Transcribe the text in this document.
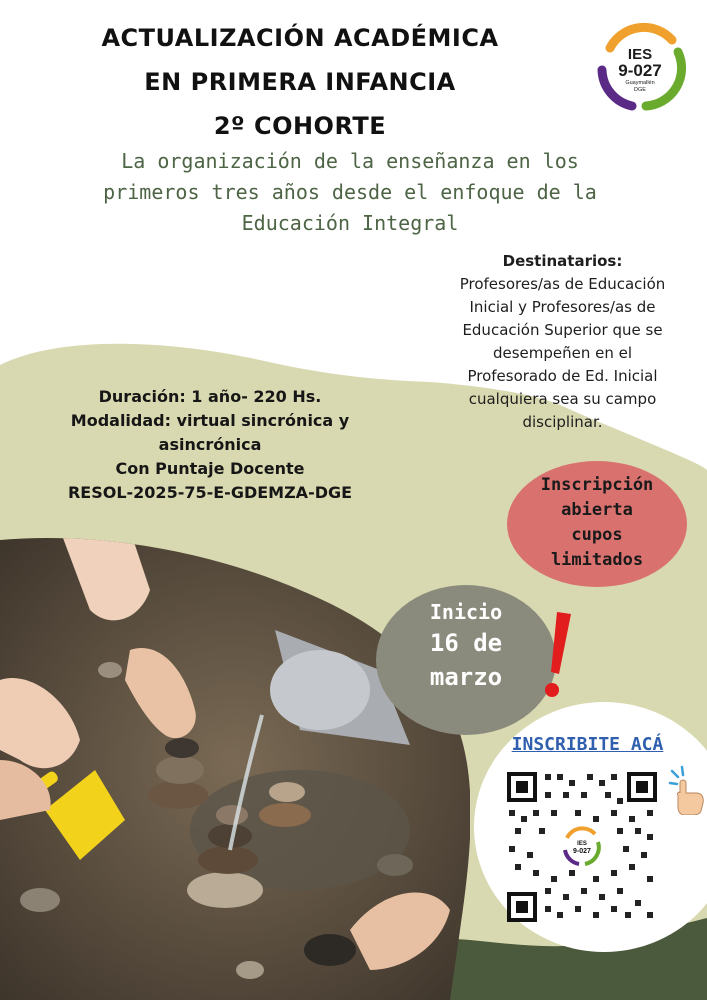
ACTUALIZACIÓN ACADÉMICA
EN PRIMERA INFANCIA
2º COHORTE
IES
9-027
Guaymallén
DGE
La organización de la enseñanza en los
primeros tres años desde el enfoque de la
Educación Integral
Destinatarios:
Profesores/as de Educación
Inicial y Profesores/as de
Educación Superior que se
desempeñen en el
Profesorado de Ed. Inicial
cualquiera sea su campo
disciplinar.
Duración: 1 año- 220 Hs.
Modalidad: virtual sincrónica y
asincrónica
Con Puntaje Docente
RESOL-2025-75-E-GDEMZA-DGE	Inscripción
abierta
cupos
limitados
Inicio
16 de
marzo
INSCRIBITE ACÁ
IES
9-027
